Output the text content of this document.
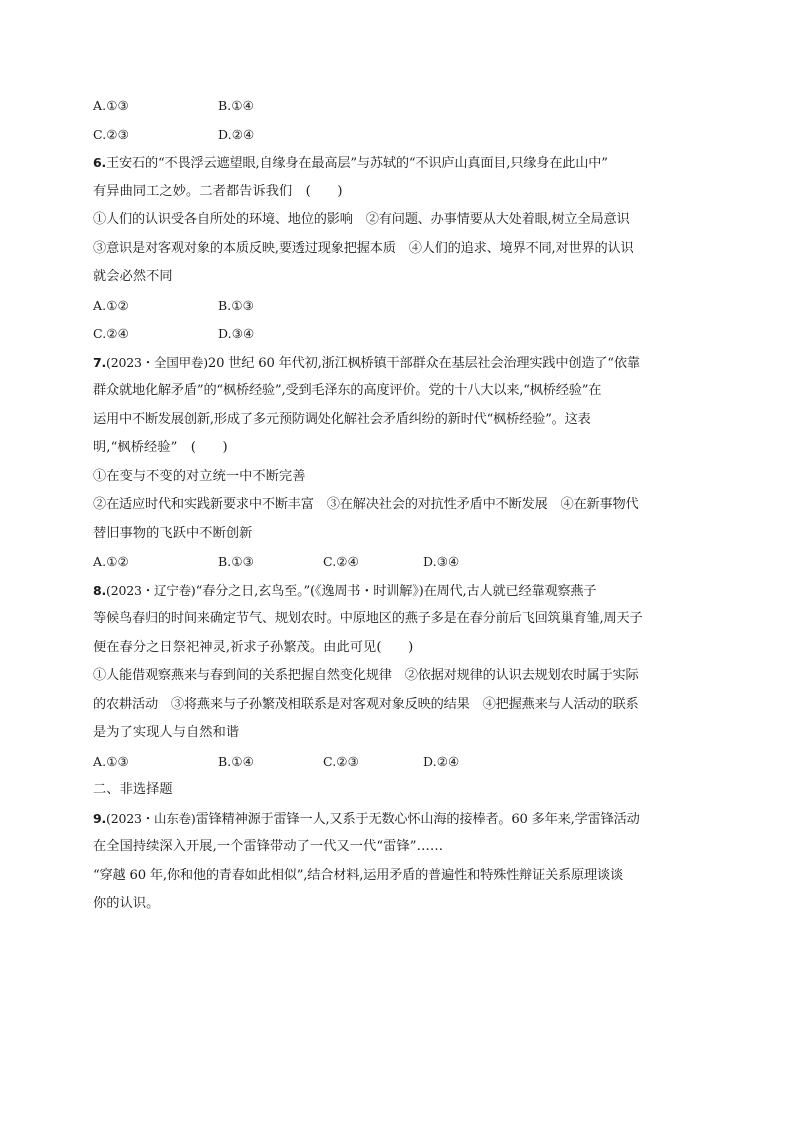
A.①③	B.①④
C.②③	D.②④
6.王安石的“不畏浮云遮望眼,自缘身在最高层”与苏轼的“不识庐山真面目,只缘身在此山中”
有异曲同工之妙。二者都告诉我们　(　　)
①人们的认识受各自所处的环境、地位的影响　②有问题、办事情要从大处着眼,树立全局意识
③意识是对客观对象的本质反映,要透过现象把握本质　④人们的追求、境界不同,对世界的认识
就会必然不同
A.①②	B.①③
C.②④	D.③④
7.(2023・全国甲卷)20 世纪 60 年代初,浙江枫桥镇干部群众在基层社会治理实践中创造了“依靠
群众就地化解矛盾”的“枫桥经验”,受到毛泽东的高度评价。党的十八大以来,“枫桥经验”在
运用中不断发展创新,形成了多元预防调处化解社会矛盾纠纷的新时代“枫桥经验”。这表
明,“枫桥经验”　(　　)
①在变与不变的对立统一中不断完善
②在适应时代和实践新要求中不断丰富　③在解决社会的对抗性矛盾中不断发展　④在新事物代
替旧事物的飞跃中不断创新
A.①②	B.①③	C.②④	D.③④
8.(2023・辽宁卷)“春分之日,玄鸟至。”(《逸周书・时训解》)在周代,古人就已经靠观察燕子
等候鸟春归的时间来确定节气、规划农时。中原地区的燕子多是在春分前后飞回筑巢育雏,周天子
便在春分之日祭祀神灵,祈求子孙繁茂。由此可见(　　)
①人能借观察燕来与春到间的关系把握自然变化规律　②依据对规律的认识去规划农时属于实际
的农耕活动　③将燕来与子孙繁茂相联系是对客观对象反映的结果　④把握燕来与人活动的联系
是为了实现人与自然和谐
A.①③	B.①④	C.②③	D.②④
二、非选择题
9.(2023・山东卷)雷锋精神源于雷锋一人,又系于无数心怀山海的接棒者。60 多年来,学雷锋活动
在全国持续深入开展,一个雷锋带动了一代又一代“雷锋”……
“穿越 60 年,你和他的青春如此相似”,结合材料,运用矛盾的普遍性和特殊性辩证关系原理谈谈
你的认识。
